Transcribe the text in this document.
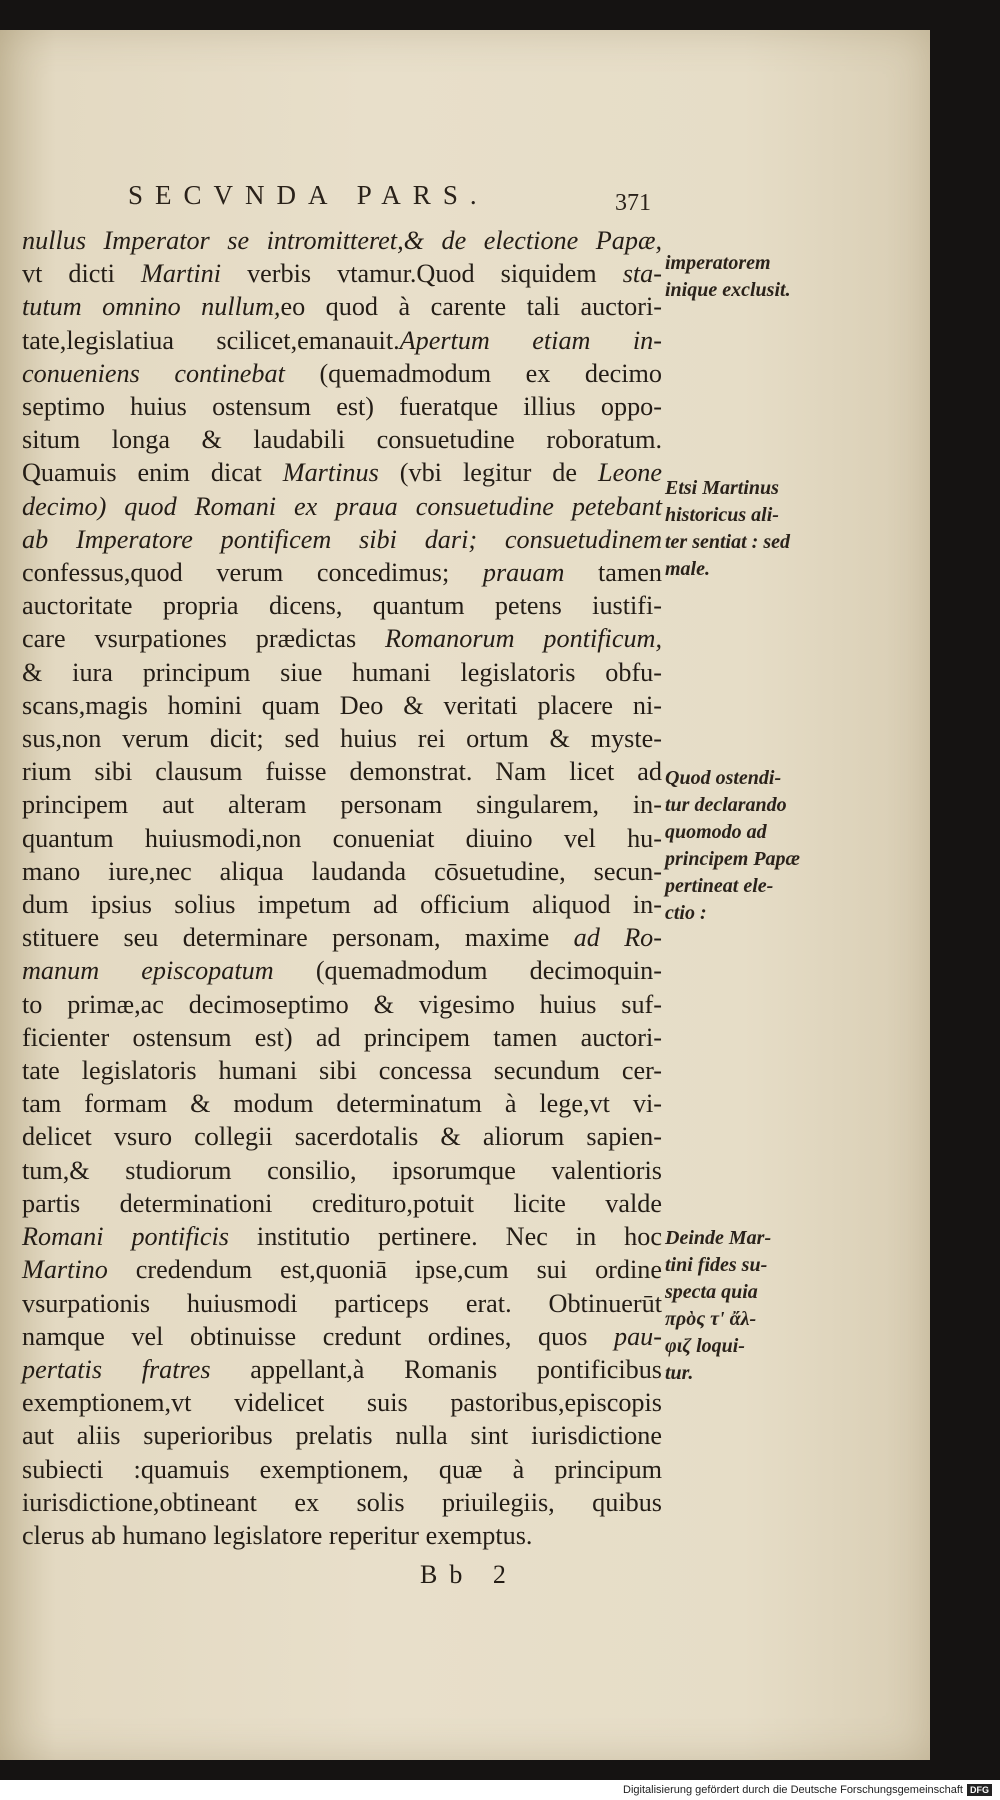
SECVNDA PARS.	371
nullus Imperator se intromitteret,& de electione Papæ,
vt dicti Martini verbis vtamur.Quod siquidem sta-
tutum omnino nullum,eo quod à carente tali auctori-
tate,legislatiua scilicet,emanauit.Apertum etiam in-
conueniens continebat (quemadmodum ex decimo
septimo huius ostensum est) fueratque illius oppo-
situm longa & laudabili consuetudine roboratum.
Quamuis enim dicat Martinus (vbi legitur de Leone
decimo) quod Romani ex praua consuetudine petebant
ab Imperatore pontificem sibi dari; consuetudinem
confessus,quod verum concedimus; prauam tamen
auctoritate propria dicens, quantum petens iustifi-
care vsurpationes prædictas Romanorum pontificum,
& iura principum siue humani legislatoris obfu-
scans,magis homini quam Deo & veritati placere ni-
sus,non verum dicit; sed huius rei ortum & myste-
rium sibi clausum fuisse demonstrat. Nam licet ad
principem aut alteram personam singularem, in-
quantum huiusmodi,non conueniat diuino vel hu-
mano iure,nec aliqua laudanda cōsuetudine, secun-
dum ipsius solius impetum ad officium aliquod in-
stituere seu determinare personam, maxime ad Ro-
manum episcopatum (quemadmodum decimoquin-
to primæ,ac decimoseptimo & vigesimo huius suf-
ficienter ostensum est) ad principem tamen auctori-
tate legislatoris humani sibi concessa secundum cer-
tam formam & modum determinatum à lege,vt vi-
delicet vsuro collegii sacerdotalis & aliorum sapien-
tum,& studiorum consilio, ipsorumque valentioris
partis determinationi credituro,potuit licite valde
Romani pontificis institutio pertinere. Nec in hoc
Martino credendum est,quoniā ipse,cum sui ordine
vsurpationis huiusmodi particeps erat. Obtinuerūt
namque vel obtinuisse credunt ordines, quos pau-
pertatis fratres appellant,à Romanis pontificibus
exemptionem,vt videlicet suis pastoribus,episcopis
aut aliis superioribus prelatis nulla sint iurisdictione
subiecti :quamuis exemptionem, quæ à principum
iurisdictione,obtineant ex solis priuilegiis, quibus
clerus ab humano legislatore reperitur exemptus.
imperatorem
inique exclusit.
Etsi Martinus
historicus ali-
ter sentiat : sed
male.
Quod ostendi-
tur declarando
quomodo ad
principem Papæ
pertineat ele-
ctio :
Deinde Mar-
tini fides su-
specta quia
πρὸς τ' ἄλ-
φιζ loqui-
tur.
Bb 2
Digitalisierung gefördert durch die Deutsche Forschungsgemeinschaft DFG
